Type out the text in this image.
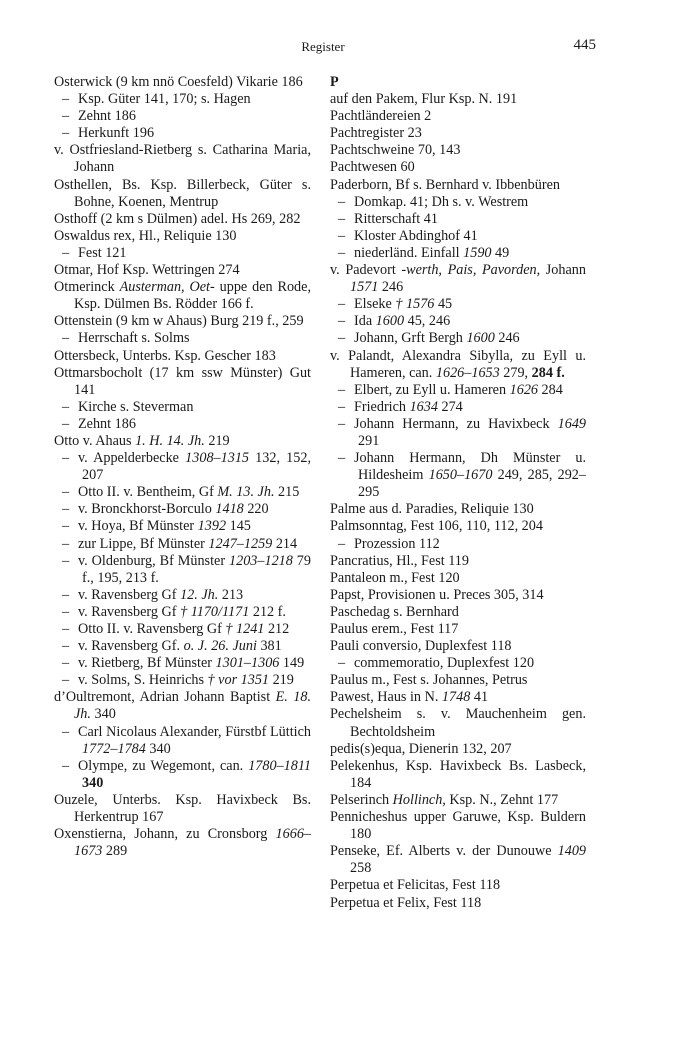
Register	445

Osterwick (9 km nnö Coesfeld) Vikarie 186

– Ksp. Güter 141, 170; s. Hagen

– Zehnt 186

– Herkunft 196

v. Ostfriesland-Rietberg s. Catharina Maria, Johann

Osthellen, Bs. Ksp. Billerbeck, Güter s. Bohne, Koenen, Mentrup

Osthoff (2 km s Dülmen) adel. Hs 269, 282

Oswaldus rex, Hl., Reliquie 130

– Fest 121

Otmar, Hof Ksp. Wettringen 274

Otmerinck Austerman, Oet- uppe den Rode, Ksp. Dülmen Bs. Rödder 166 f.

Ottenstein (9 km w Ahaus) Burg 219 f., 259

– Herrschaft s. Solms

Ottersbeck, Unterbs. Ksp. Gescher 183

Ottmarsbocholt (17 km ssw Münster) Gut 141

– Kirche s. Steverman

– Zehnt 186

Otto v. Ahaus 1. H. 14. Jh. 219

– v. Appelderbecke 1308–1315 132, 152, 207

– Otto II. v. Bentheim, Gf M. 13. Jh. 215

– v. Bronckhorst-Borculo 1418 220

– v. Hoya, Bf Münster 1392 145

– zur Lippe, Bf Münster 1247–1259 214

– v. Oldenburg, Bf Münster 1203–1218 79 f., 195, 213 f.

– v. Ravensberg Gf 12. Jh. 213

– v. Ravensberg Gf † 1170/1171 212 f.

– Otto II. v. Ravensberg Gf † 1241 212

– v. Ravensberg Gf. o. J. 26. Juni 381

– v. Rietberg, Bf Münster 1301–1306 149

– v. Solms, S. Heinrichs † vor 1351 219

d’Oultremont, Adrian Johann Baptist E. 18. Jh. 340

– Carl Nicolaus Alexander, Fürstbf Lüttich 1772–1784 340

– Olympe, zu Wegemont, can. 1780–1811 340

Ouzele, Unterbs. Ksp. Havixbeck Bs. Herkentrup 167

Oxenstierna, Johann, zu Cronsborg 1666–1673 289

P

auf den Pakem, Flur Ksp. N. 191

Pachtländereien 2

Pachtregister 23

Pachtschweine 70, 143

Pachtwesen 60

Paderborn, Bf s. Bernhard v. Ibbenbüren

– Domkap. 41; Dh s. v. Westrem

– Ritterschaft 41

– Kloster Abdinghof 41

– niederländ. Einfall 1590 49

v. Padevort -werth, Pais, Pavorden, Johann 1571 246

– Elseke † 1576 45

– Ida 1600 45, 246

– Johann, Grft Bergh 1600 246

v. Palandt, Alexandra Sibylla, zu Eyll u. Hameren, can. 1626–1653 279, 284 f.

– Elbert, zu Eyll u. Hameren 1626 284

– Friedrich 1634 274

– Johann Hermann, zu Havixbeck 1649 291

– Johann Hermann, Dh Münster u. Hildesheim 1650–1670 249, 285, 292–295

Palme aus d. Paradies, Reliquie 130

Palmsonntag, Fest 106, 110, 112, 204

– Prozession 112

Pancratius, Hl., Fest 119

Pantaleon m., Fest 120

Papst, Provisionen u. Preces 305, 314

Paschedag s. Bernhard

Paulus erem., Fest 117

Pauli conversio, Duplexfest 118

– commemoratio, Duplexfest 120

Paulus m., Fest s. Johannes, Petrus

Pawest, Haus in N. 1748 41

Pechelsheim s. v. Mauchenheim gen. Bechtoldsheim

pedis(s)equa, Dienerin 132, 207

Pelekenhus, Ksp. Havixbeck Bs. Lasbeck, 184

Pelserinch Hollinch, Ksp. N., Zehnt 177

Pennicheshus upper Garuwe, Ksp. Buldern 180

Penseke, Ef. Alberts v. der Dunouwe 1409 258

Perpetua et Felicitas, Fest 118

Perpetua et Felix, Fest 118
